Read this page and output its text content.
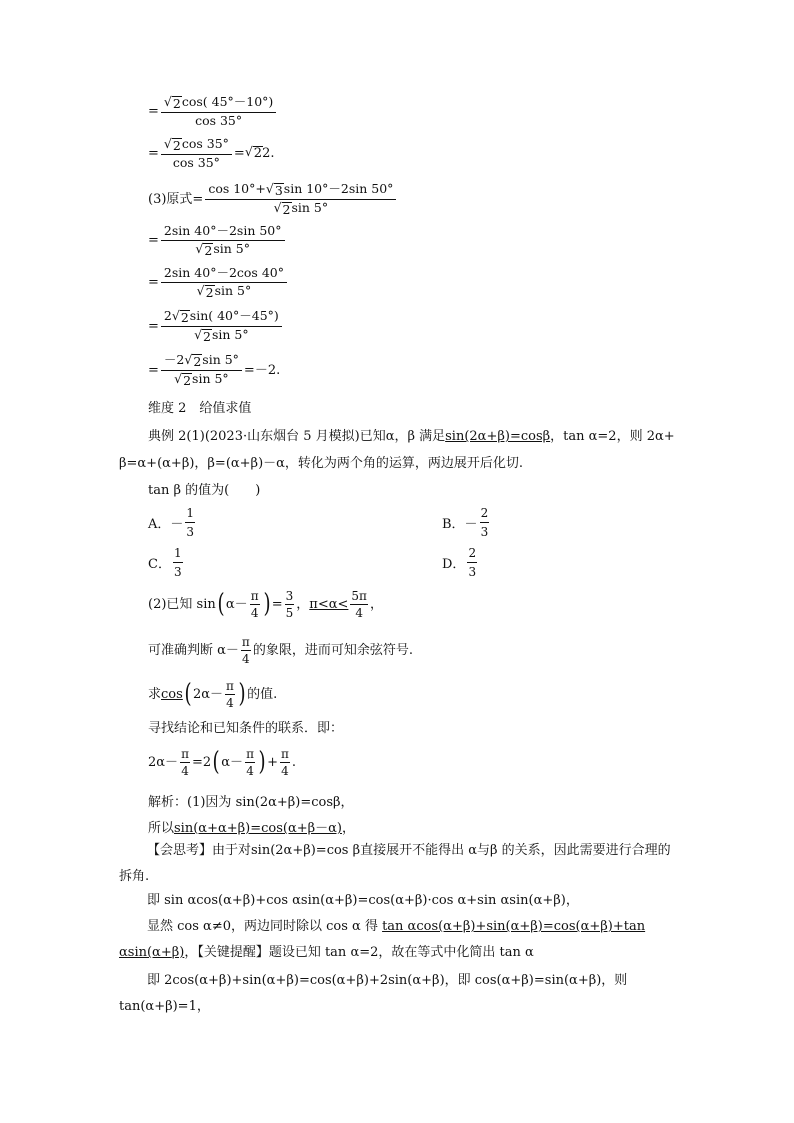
= $\frac{√ 2 \cos( 45^\circ-10^\circ)}{\cos 35^\circ}$
= $\frac{√ 2 \cos 35^\circ}{\cos 35^\circ}$ = √ 2 2.
(3)原式= $\frac{\cos 10^\circ+ √ 3 \sin 10^\circ-2\sin 50^\circ}{√ 2 \sin 5^\circ}$
= $\frac{2\sin 40^\circ-2\sin 50^\circ}{√ 2 \sin 5^\circ}$
= $\frac{2\sin 40^\circ-2\cos 40^\circ}{√ 2 \sin 5^\circ}$
= $\frac{2 √ 2 \sin( 40^\circ-45^\circ)}{√ 2 \sin 5^\circ}$
= $\frac{-2 √ 2 \sin 5^\circ}{√ 2 \sin 5^\circ} =-2$.
维度 2　给值求值
典例 2(1)(2023·山东烟台 5 月模拟)已知α，β 满足 sin(2α+β)=cosβ ，tan α=2，则 2α+
β=α+(α+β)，β=(α+β)－α，转化为两个角的运算，两边展开后化切.
tan β 的值为(　　)
A．－ $\frac{1}{3}$	B．－ $\frac{2}{3}$
C． $\frac{1}{3}$	D． $\frac{2}{3}$
(2)已知 sin ( $\alpha- \frac{\pi}{4}$ ) = $\frac{3}{5}$ ， $\pi<\alpha< \frac{5\pi}{4}$ ，
可准确判断 $\alpha- \frac{\pi}{4}$ 的象限，进而可知余弦符号.
求 cos ( $2\alpha- \frac{\pi}{4}$ ) 的值.
寻找结论和已知条件的联系．即：
$2\alpha- \frac{\pi}{4} =2$ ( $\alpha- \frac{\pi}{4}$ ) + $\frac{\pi}{4}$ .
解析 ：(1)因为 sin(2α+β)=cosβ，
所以 sin(α+α+β)=cos(α+β－α) ，

【会思考】由于对sin(2α+β)=cos β直接展开不能得出 α与β 的关系，因此需要进行合理的拆角.

即 sin αcos(α+β)+cos αsin(α+β)=cos(α+β)·cos α+sin αsin(α+β)，

显然 cos α≠0，两边同时除以 cos α 得 tan αcos(α+β)+sin(α+β)=cos(α+β)+tan αsin(α+β)，【关键提醒】题设已知 tan α=2，故在等式中化简出 tan α

即 2cos(α+β)+sin(α+β)=cos(α+β)+2sin(α+β)，即 cos(α+β)=sin(α+β)，则 tan(α+β)=1，
